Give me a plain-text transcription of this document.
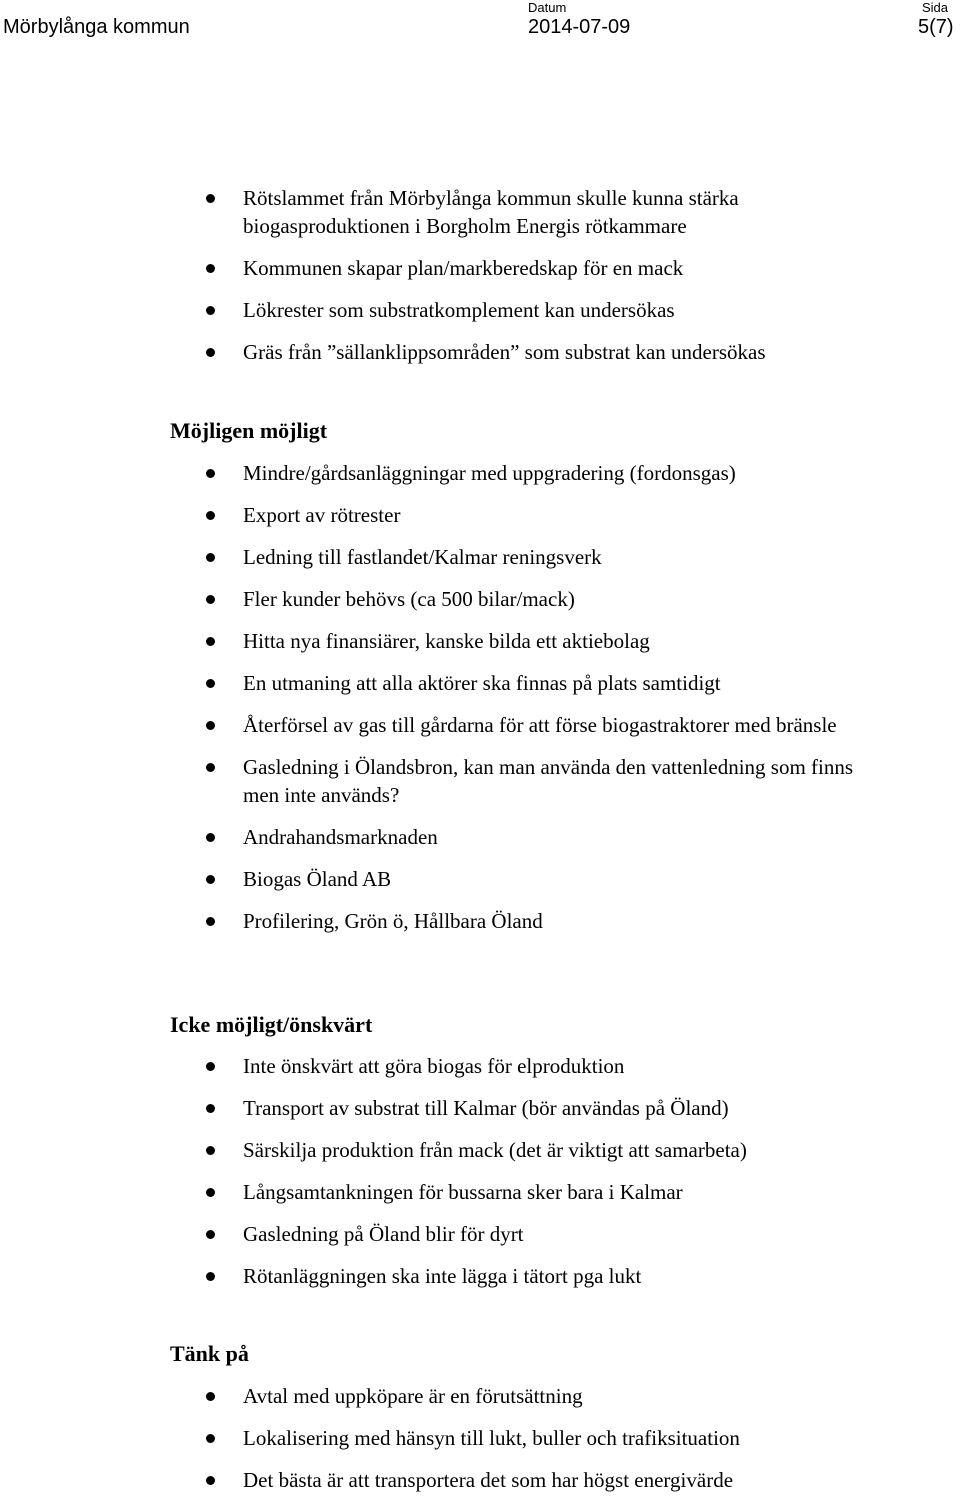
Mörbylånga kommun
Datum
2014-07-09
Sida
5(7)
Rötslammet från Mörbylånga kommun skulle kunna stärka biogasproduktionen i Borgholm Energis rötkammare
Kommunen skapar plan/markberedskap för en mack
Lökrester som substratkomplement kan undersökas
Gräs från ”sällanklippsområden” som substrat kan undersökas
Möjligen möjligt
Mindre/gårdsanläggningar med uppgradering (fordonsgas)
Export av rötrester
Ledning till fastlandet/Kalmar reningsverk
Fler kunder behövs (ca 500 bilar/mack)
Hitta nya finansiärer, kanske bilda ett aktiebolag
En utmaning att alla aktörer ska finnas på plats samtidigt
Återförsel av gas till gårdarna för att förse biogastraktorer med bränsle
Gasledning i Ölandsbron, kan man använda den vattenledning som finns men inte används?
Andrahandsmarknaden
Biogas Öland AB
Profilering, Grön ö, Hållbara Öland
Icke möjligt/önskvärt
Inte önskvärt att göra biogas för elproduktion
Transport av substrat till Kalmar (bör användas på Öland)
Särskilja produktion från mack (det är viktigt att samarbeta)
Långsamtankningen för bussarna sker bara i Kalmar
Gasledning på Öland blir för dyrt
Rötanläggningen ska inte lägga i tätort pga lukt
Tänk på
Avtal med uppköpare är en förutsättning
Lokalisering med hänsyn till lukt, buller och trafiksituation
Det bästa är att transportera det som har högst energivärde
